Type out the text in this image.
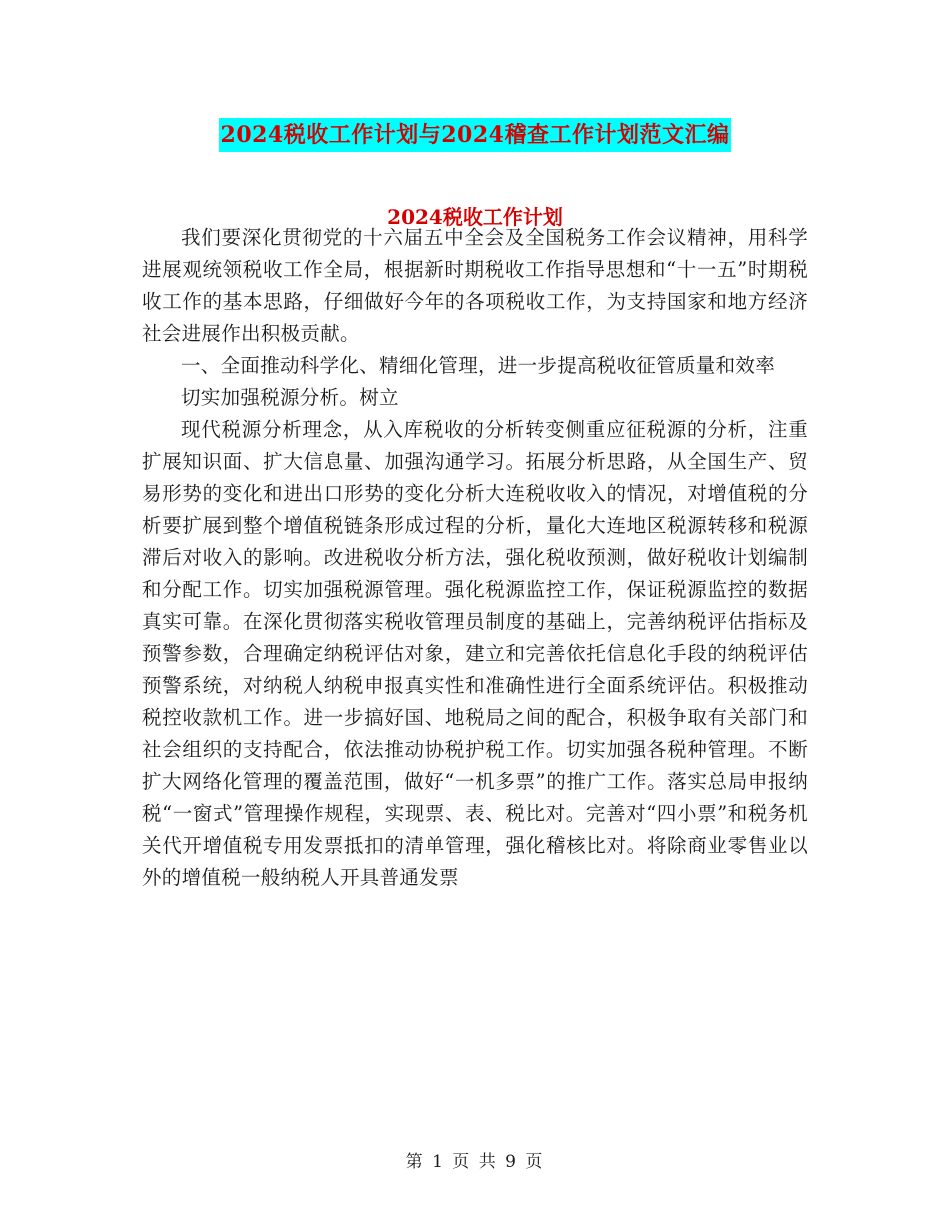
2024税收工作计划与2024稽查工作计划范文汇编
2024税收工作计划

我们要深化贯彻党的十六届五中全会及全国税务工作会议精神，用科学进展观统领税收工作全局，根据新时期税收工作指导思想和“十一五”时期税收工作的基本思路，仔细做好今年的各项税收工作，为支持国家和地方经济社会进展作出积极贡献。

一、全面推动科学化、精细化管理，进一步提高税收征管质量和效率

切实加强税源分析。树立

现代税源分析理念，从入库税收的分析转变侧重应征税源的分析，注重扩展知识面、扩大信息量、加强沟通学习。拓展分析思路，从全国生产、贸易形势的变化和进出口形势的变化分析大连税收收入的情况，对增值税的分析要扩展到整个增值税链条形成过程的分析，量化大连地区税源转移和税源滞后对收入的影响。改进税收分析方法，强化税收预测，做好税收计划编制和分配工作。切实加强税源管理。强化税源监控工作，保证税源监控的数据真实可靠。在深化贯彻落实税收管理员制度的基础上，完善纳税评估指标及预警参数，合理确定纳税评估对象，建立和完善依托信息化手段的纳税评估预警系统，对纳税人纳税申报真实性和准确性进行全面系统评估。积极推动税控收款机工作。进一步搞好国、地税局之间的配合，积极争取有关部门和社会组织的支持配合，依法推动协税护税工作。切实加强各税种管理。不断扩大网络化管理的覆盖范围，做好“一机多票”的推广工作。落实总局申报纳税“一窗式”管理操作规程，实现票、表、税比对。完善对“四小票”和税务机关代开增值税专用发票抵扣的清单管理，强化稽核比对。将除商业零售业以外的增值税一般纳税人开具普通发票

第 1 页 共 9 页
